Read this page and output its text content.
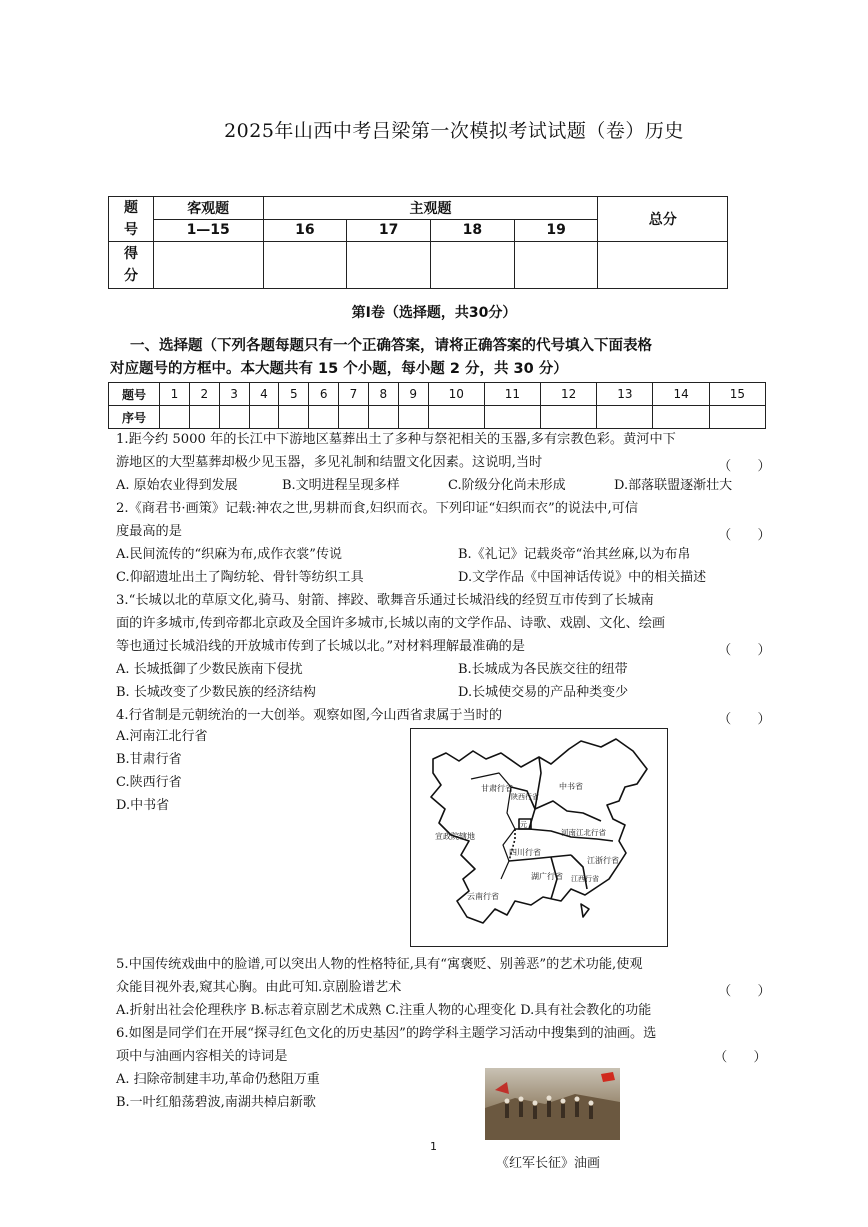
2025年山西中考吕梁第一次模拟考试试题（卷）历史
题号	客观题	主观题				总分
	1—15	16	17	18	19	
得分						
第Ⅰ卷（选择题，共30分）
一、选择题（下列各题每题只有一个正确答案，请将正确答案的代号填入下面表格
对应题号的方框中。本大题共有 15 个小题，每小题 2 分，共 30 分）
题号	1	2	3	4	5	6	7	8	9	10	11	12	13	14	15
序号															
1.距今约 5000 年的长江中下游地区墓葬出土了多种与祭祀相关的玉器,多有宗教色彩。黄河中下
游地区的大型墓葬却极少见玉器，多见礼制和结盟文化因素。这说明,当时	（　　）
A. 原始农业得到发展	B.文明进程呈现多样	C.阶级分化尚未形成	D.部落联盟逐渐壮大
2.《商君书·画策》记载:神农之世,男耕而食,妇织而衣。下列印证“妇织而衣”的说法中,可信
度最高的是	（　　）
A.民间流传的“织麻为布,成作衣裳”传说	B.《礼记》记载炎帝“治其丝麻,以为布帛
C.仰韶遗址出土了陶纺轮、骨针等纺织工具	D.文学作品《中国神话传说》中的相关描述
3.“长城以北的草原文化,骑马、射箭、摔跤、歌舞音乐通过长城沿线的经贸互市传到了长城南
面的许多城市,传到帝都北京政及全国许多城市,长城以南的文学作品、诗歌、戏剧、文化、绘画
等也通过长城沿线的开放城市传到了长城以北。”对材料理解最准确的是	（　　）
A. 长城抵御了少数民族南下侵扰	B.长城成为各民族交往的纽带
B. 长城改变了少数民族的经济结构	D.长城使交易的产品种类变少
4.行省制是元朝统治的一大创举。观察如图,今山西省隶属于当时的	（　　）
A.河南江北行省
B.甘肃行省
C.陕西行省
D.中书省
甘肃行省
陕西行省
中书省
河南江北行省
四川行省
云南行省
湖广行省
江浙行省
江西行省
宣政院辖地
元
5.中国传统戏曲中的脸谱,可以突出人物的性格特征,具有“寓褒贬、别善恶”的艺术功能,使观
众能目视外表,窥其心胸。由此可知.京剧脸谱艺术	（　　）
A.折射出社会伦理秩序 B.标志着京剧艺术成熟 C.注重人物的心理变化 D.具有社会教化的功能
6.如图是同学们在开展“探寻红色文化的历史基因”的跨学科主题学习活动中搜集到的油画。选
项中与油画内容相关的诗词是	（　　）
A. 扫除帝制建丰功,革命仍愁阻万重
B.一叶红船荡碧波,南湖共棹启新歌
《红军长征》油画
1
